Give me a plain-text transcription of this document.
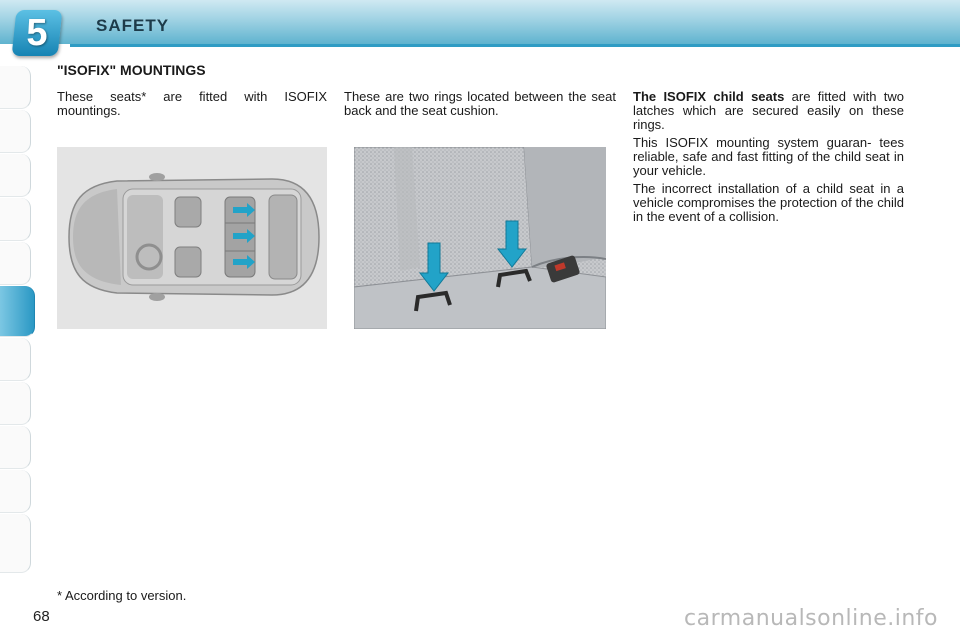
5	SAFETY
"ISOFIX" MOUNTINGS

These seats* are fitted with ISOFIX mountings.

These are two rings located between the seat back and the seat cushion.

The ISOFIX child seats are fitted with two latches which are secured easily on these rings.

This ISOFIX mounting system guaran- tees reliable, safe and fast fitting of the child seat in your vehicle.

The incorrect installation of a child seat in a vehicle compromises the protection of the child in the event of a collision.

* According to version.
68	carmanualsonline.info
